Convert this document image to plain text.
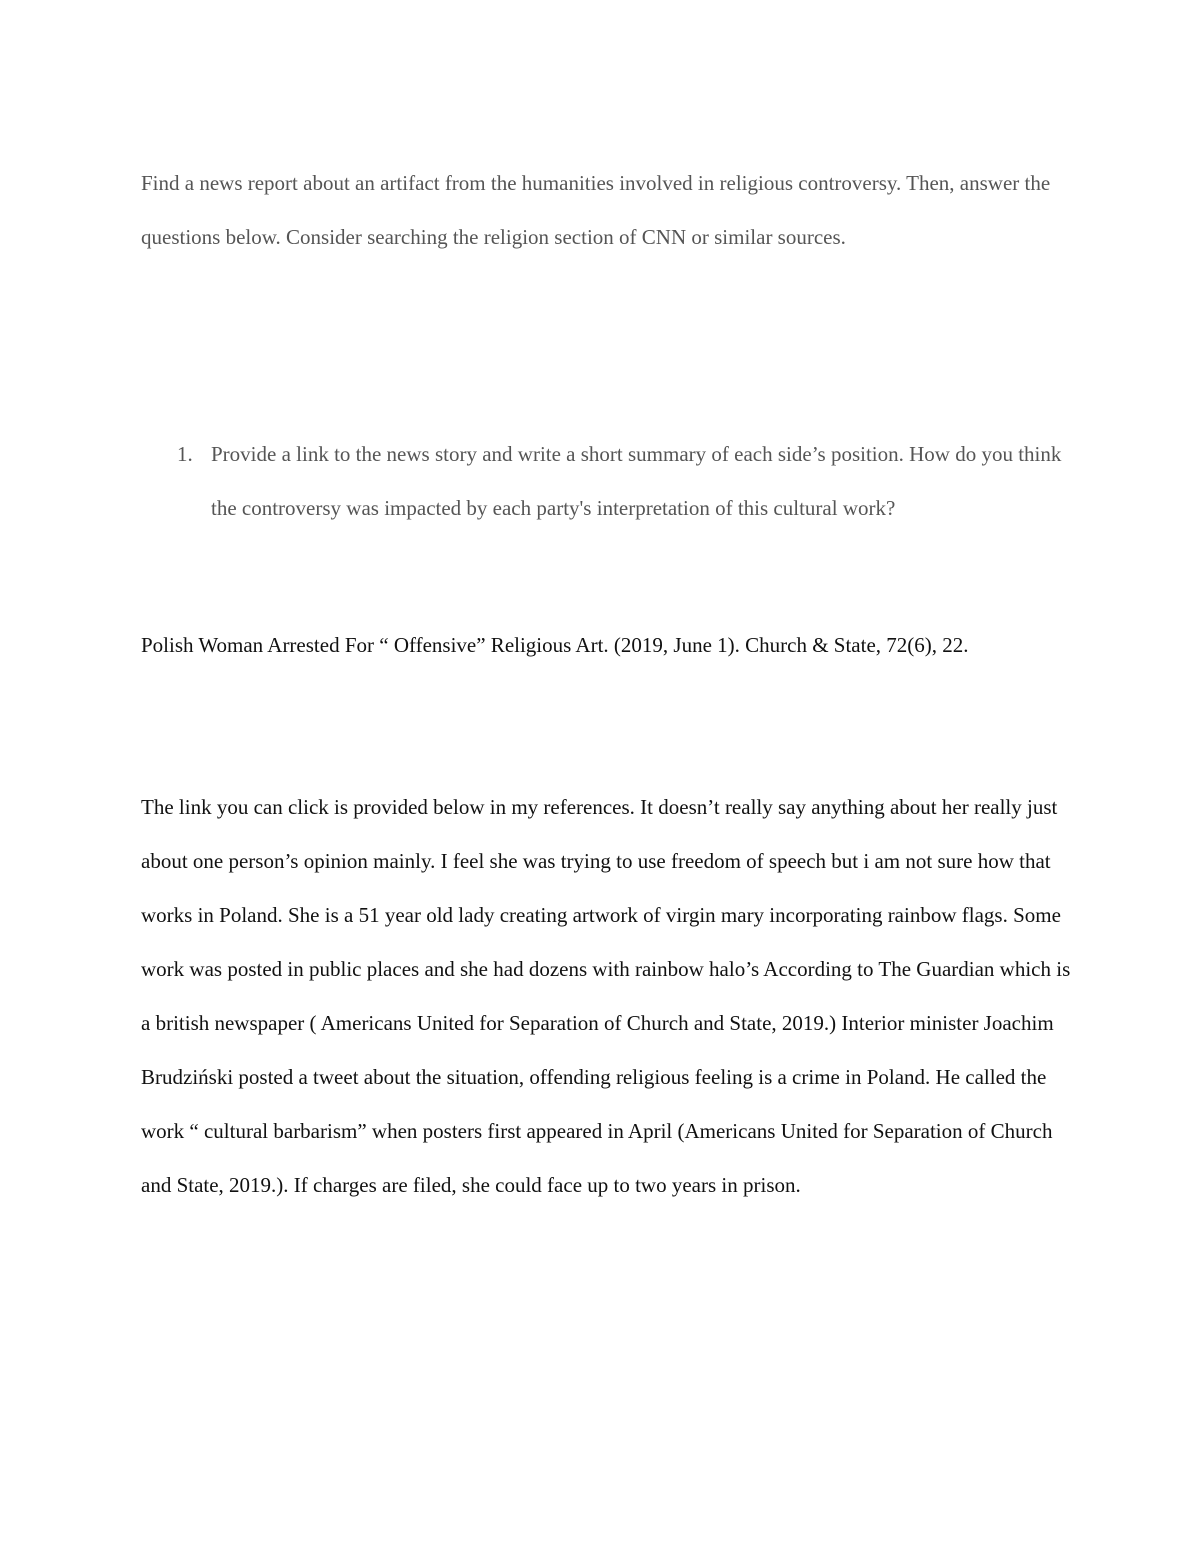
Find a news report about an artifact from the humanities involved in religious controversy. Then, answer the questions below. Consider searching the religion section of CNN or similar sources.

1. Provide a link to the news story and write a short summary of each side’s position. How do you think the controversy was impacted by each party's interpretation of this cultural work?

Polish Woman Arrested For “ Offensive” Religious Art. (2019, June 1). Church & State, 72(6), 22.

The link you can click is provided below in my references. It doesn’t really say anything about her really just about one person’s opinion mainly. I feel she was trying to use freedom of speech but i am not sure how that works in Poland. She is a 51 year old lady creating artwork of virgin mary incorporating rainbow flags. Some work was posted in public places and she had dozens with rainbow halo’s According to The Guardian which is a british newspaper ( Americans United for Separation of Church and State, 2019.) Interior minister Joachim Brudziński posted a tweet about the situation, offending religious feeling is a crime in Poland. He called the work “ cultural barbarism” when posters first appeared in April (Americans United for Separation of Church and State, 2019.). If charges are filed, she could face up to two years in prison.
